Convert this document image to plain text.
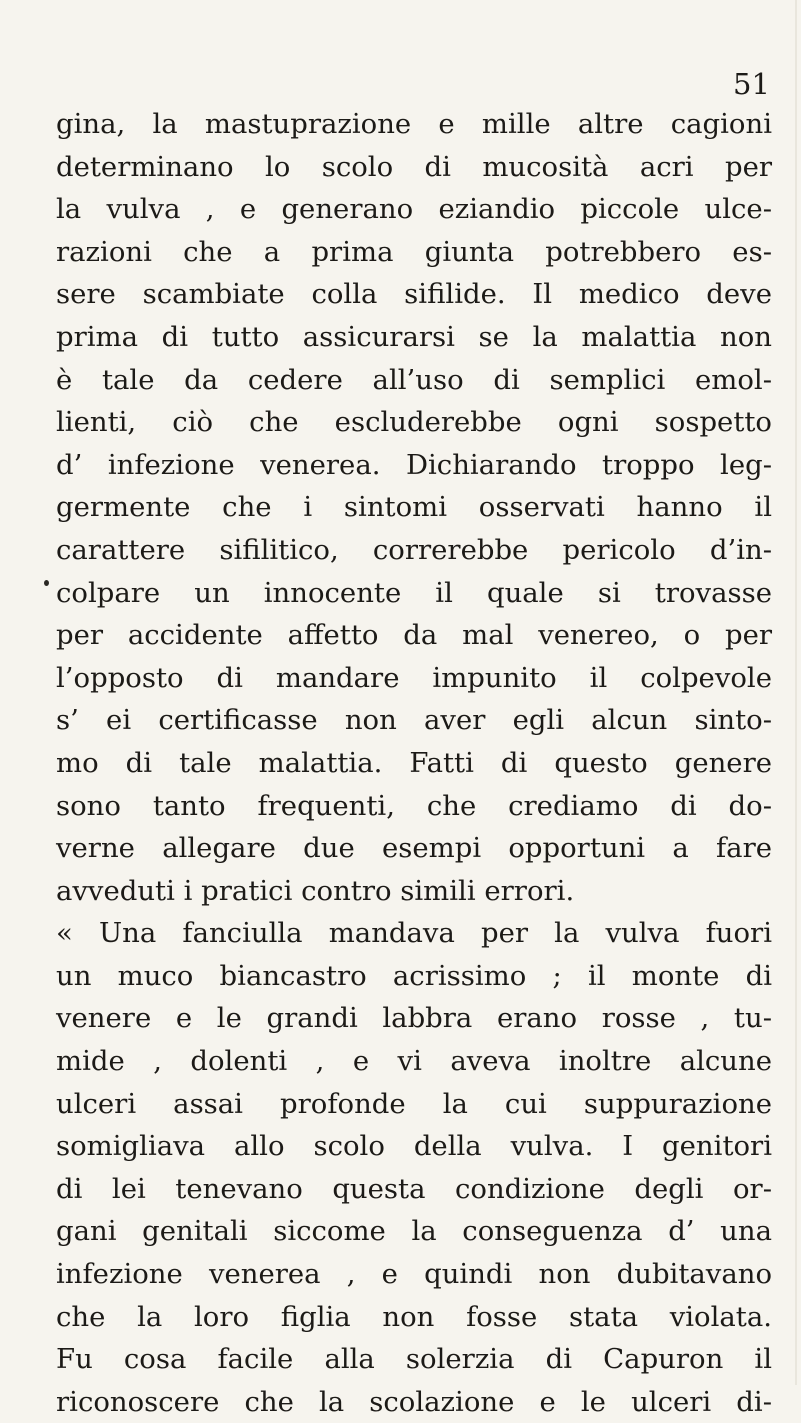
51
gina, la mastuprazione e mille altre cagioni
determinano lo scolo di mucosità acri per
la vulva , e generano eziandio piccole ulce-
razioni che a prima giunta potrebbero es-
sere scambiate colla sifilide. Il medico deve
prima di tutto assicurarsi se la malattia non
è tale da cedere all’uso di semplici emol-
lienti, ciò che escluderebbe ogni sospetto
d’ infezione venerea. Dichiarando troppo leg-
germente che i sintomi osservati hanno il
carattere sifilitico, correrebbe pericolo d’in-
colpare un innocente il quale si trovasse
per accidente affetto da mal venereo, o per
l’opposto di mandare impunito il colpevole
s’ ei certificasse non aver egli alcun sinto-
mo di tale malattia. Fatti di questo genere
sono tanto frequenti, che crediamo di do-
verne allegare due esempi opportuni a fare
avveduti i pratici contro simili errori.
« Una fanciulla mandava per la vulva fuori
un muco biancastro acrissimo ; il monte di
venere e le grandi labbra erano rosse , tu-
mide , dolenti , e vi aveva inoltre alcune
ulceri assai profonde la cui suppurazione
somigliava allo scolo della vulva. I genitori
di lei tenevano questa condizione degli or-
gani genitali siccome la conseguenza d’ una
infezione venerea , e quindi non dubitavano
che la loro figlia non fosse stata violata.
Fu cosa facile alla solerzia di Capuron il
riconoscere che la scolazione e le ulceri di-
